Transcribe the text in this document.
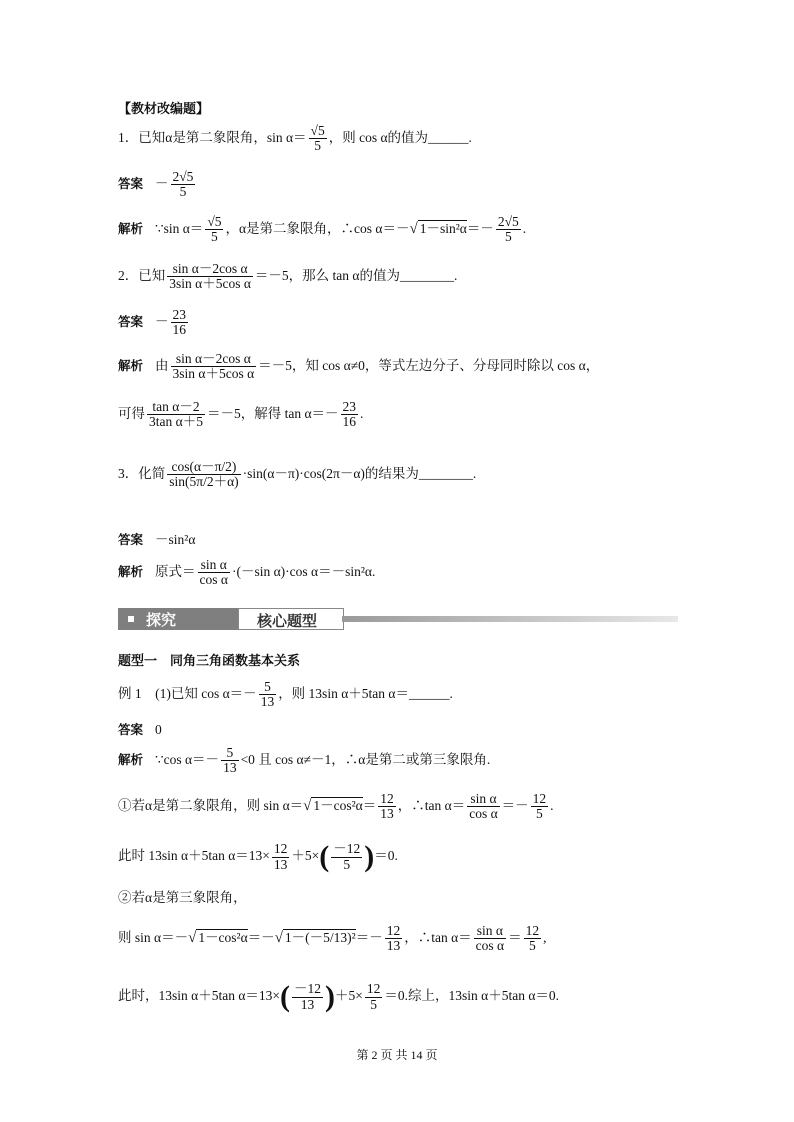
【教材改编题】
1．已知α是第二象限角，$\sin \alpha= \frac{√5}{5}$ ，则 cos α的值为______.
答案 － $\frac{2√5}{5}$
解析 ∵sin $\alpha= \frac{√5}{5}$ ，α是第二象限角，∴cos α＝－√ $1-\sin^2\alpha=- \frac{2√5}{5}$ .
2．已知 $\frac{\text{sin α－2cos α}}{\text{3sin α＋5cos α}} =-5$，那么 tan α的值为________.
答案 － $\frac{23}{16}$
解析 由 $\frac{\text{sin α－2cos α}}{\text{3sin α＋5cos α}} =-5$，知 cos α≠0，等式左边分子、分母同时除以 cos α，
可得 $\frac{\text{tan α－2}}{\text{3tan α＋5}} =-5$，解得 $\tan \alpha=- \frac{23}{16}$ .
3．化简 $\frac{\cos(\alpha-\pi/2)}{\sin(5\pi/2+\alpha)} \cdot\sin(\alpha-\pi)\cdot\cos(2\pi-\alpha)$的结果为________.
答案 －sin²α
解析 原式＝ $\frac{\text{sin α}}{\text{cos α}} \cdot(-\sin$ α)·cos α＝－sin²α.
探究	核心题型
题型一　同角三角函数基本关系
例 1　(1)已知 $\cos \alpha=- \frac{5}{13}$ ，则 13sin α＋5tan α＝______.
答案 0
解析 ∵cos $\alpha=- \frac{5}{13} <0$ 且 cos α≠－1，∴α是第二或第三象限角.
①若α是第二象限角，则 sin α＝√ $1-\cos^2\alpha= \frac{12}{13}$ ，∴tan $\alpha= \frac{\text{sin α}}{\text{cos α}} =- \frac{12}{5}$ .
此时 13sin α＋5tan $\alpha=13\times \frac{12}{13} +5\times( \frac{-12}{5} )=0$.
②若α是第三象限角，
则 sin α＝－√ 1－cos²α＝－√ $1-(-5/13)^2=- \frac{12}{13}$ ，∴tan $\alpha= \frac{\text{sin α}}{\text{cos α}} = \frac{12}{5}$ ,
此时，13sin α＋5tan $\alpha=13\times( \frac{-12}{13} )+5\times \frac{12}{5} =0$.综上，13sin α＋5tan α＝0.
第 2 页 共 14 页
